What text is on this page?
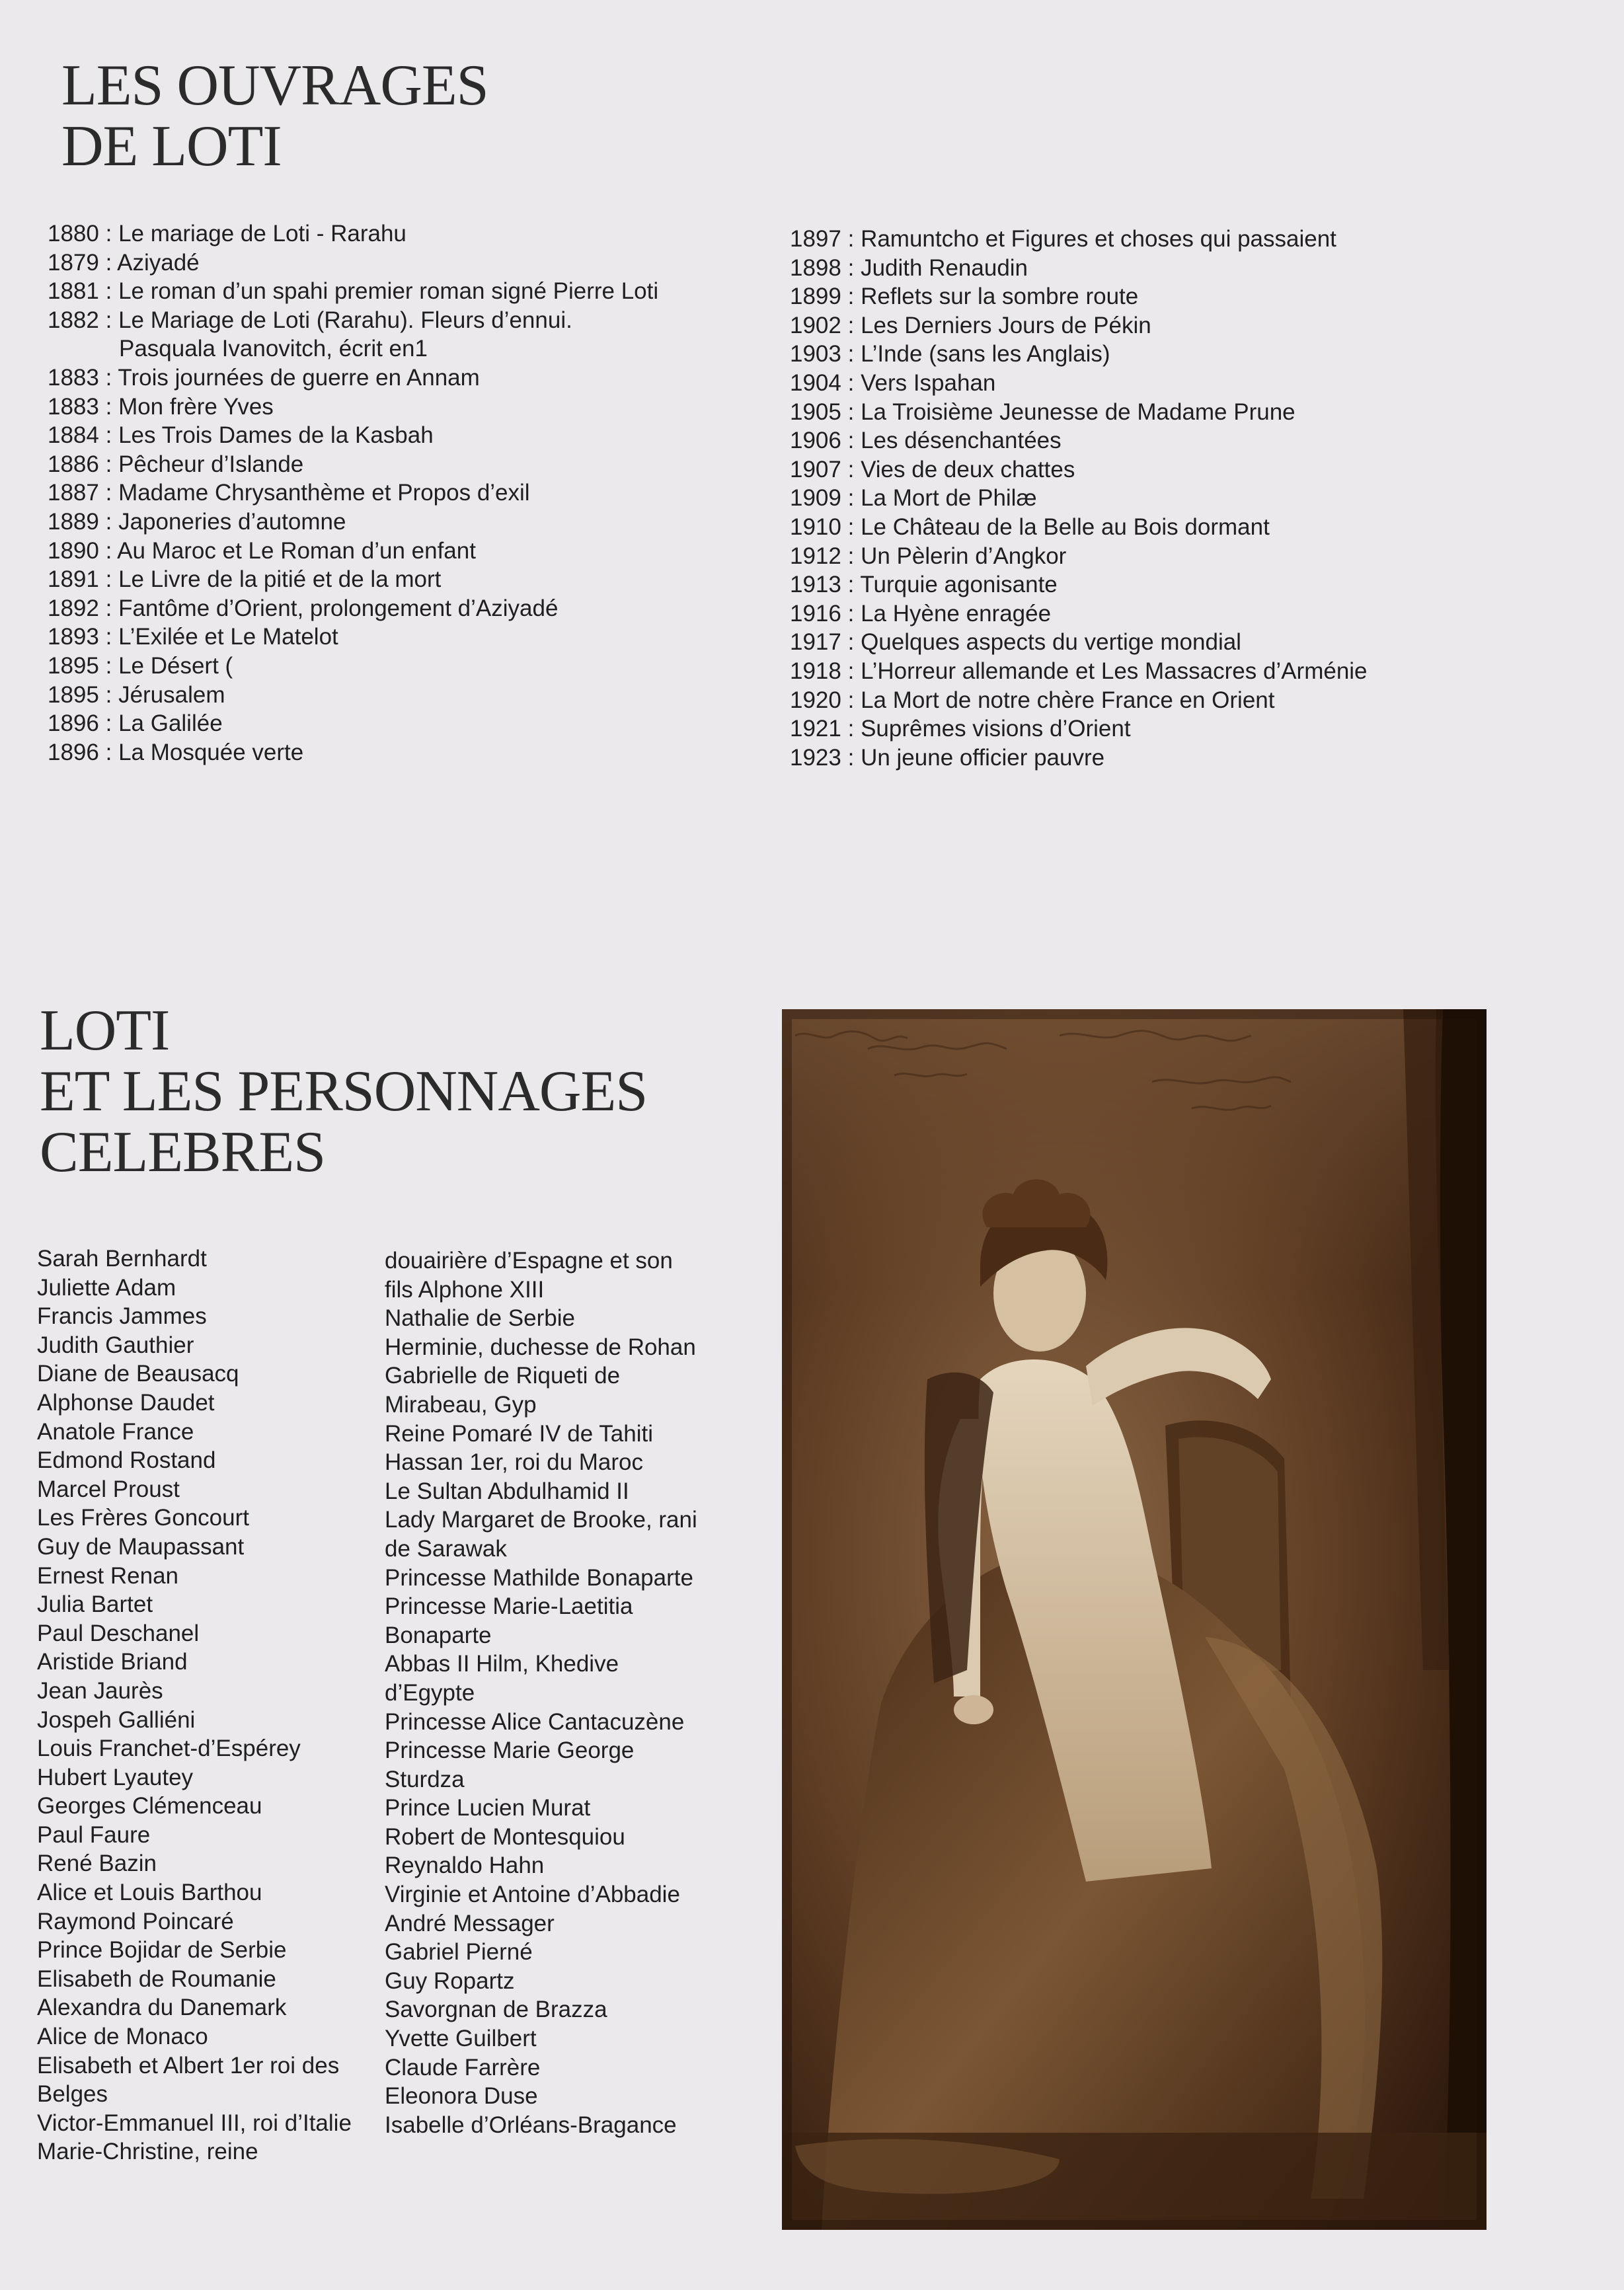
LES OUVRAGES
DE LOTI
1880 : Le mariage de Loti - Rarahu
1879 : Aziyadé
1881 : Le roman d’un spahi premier roman signé Pierre Loti
1882 : Le Mariage de Loti (Rarahu). Fleurs d’ennui.
Pasquala Ivanovitch, écrit en1
1883 : Trois journées de guerre en Annam
1883 : Mon frère Yves
1884 : Les Trois Dames de la Kasbah
1886 : Pêcheur d’Islande
1887 : Madame Chrysanthème et Propos d’exil
1889 : Japoneries d’automne
1890 : Au Maroc et Le Roman d’un enfant
1891 : Le Livre de la pitié et de la mort
1892 : Fantôme d’Orient, prolongement d’Aziyadé
1893 : L’Exilée et Le Matelot
1895 : Le Désert (
1895 : Jérusalem
1896 : La Galilée
1896 : La Mosquée verte
1897 : Ramuntcho et Figures et choses qui passaient
1898 : Judith Renaudin
1899 : Reflets sur la sombre route
1902 : Les Derniers Jours de Pékin
1903 : L’Inde (sans les Anglais)
1904 : Vers Ispahan
1905 : La Troisième Jeunesse de Madame Prune
1906 : Les désenchantées
1907 : Vies de deux chattes
1909 : La Mort de Philæ
1910 : Le Château de la Belle au Bois dormant
1912 : Un Pèlerin d’Angkor
1913 : Turquie agonisante
1916 : La Hyène enragée
1917 : Quelques aspects du vertige mondial
1918 : L’Horreur allemande et Les Massacres d’Arménie
1920 : La Mort de notre chère France en Orient
1921 : Suprêmes visions d’Orient
1923 : Un jeune officier pauvre
LOTI
ET LES PERSONNAGES
CELEBRES
Sarah Bernhardt
Juliette Adam
Francis Jammes
Judith Gauthier
Diane de Beausacq
Alphonse Daudet
Anatole France
Edmond Rostand
Marcel Proust
Les Frères Goncourt
Guy de Maupassant
Ernest Renan
Julia Bartet
Paul Deschanel
Aristide Briand
Jean Jaurès
Jospeh Galliéni
Louis Franchet-d’Espérey
Hubert Lyautey
Georges Clémenceau
Paul Faure
René Bazin
Alice et Louis Barthou
Raymond Poincaré
Prince Bojidar de Serbie
Elisabeth de Roumanie
Alexandra du Danemark
Alice de Monaco
Elisabeth et Albert 1er roi des
Belges
Victor-Emmanuel III, roi d’Italie
Marie-Christine, reine
douairière d’Espagne et son
fils Alphone XIII
Nathalie de Serbie
Herminie, duchesse de Rohan
Gabrielle de Riqueti de
Mirabeau, Gyp
Reine Pomaré IV de Tahiti
Hassan 1er, roi du Maroc
Le Sultan Abdulhamid II
Lady Margaret de Brooke, rani
de Sarawak
Princesse Mathilde Bonaparte
Princesse Marie-Laetitia
Bonaparte
Abbas II Hilm, Khedive
d’Egypte
Princesse Alice Cantacuzène
Princesse Marie George
Sturdza
Prince Lucien Murat
Robert de Montesquiou
Reynaldo Hahn
Virginie et Antoine d’Abbadie
André Messager
Gabriel Pierné
Guy Ropartz
Savorgnan de Brazza
Yvette Guilbert
Claude Farrère
Eleonora Duse
Isabelle d’Orléans-Bragance
